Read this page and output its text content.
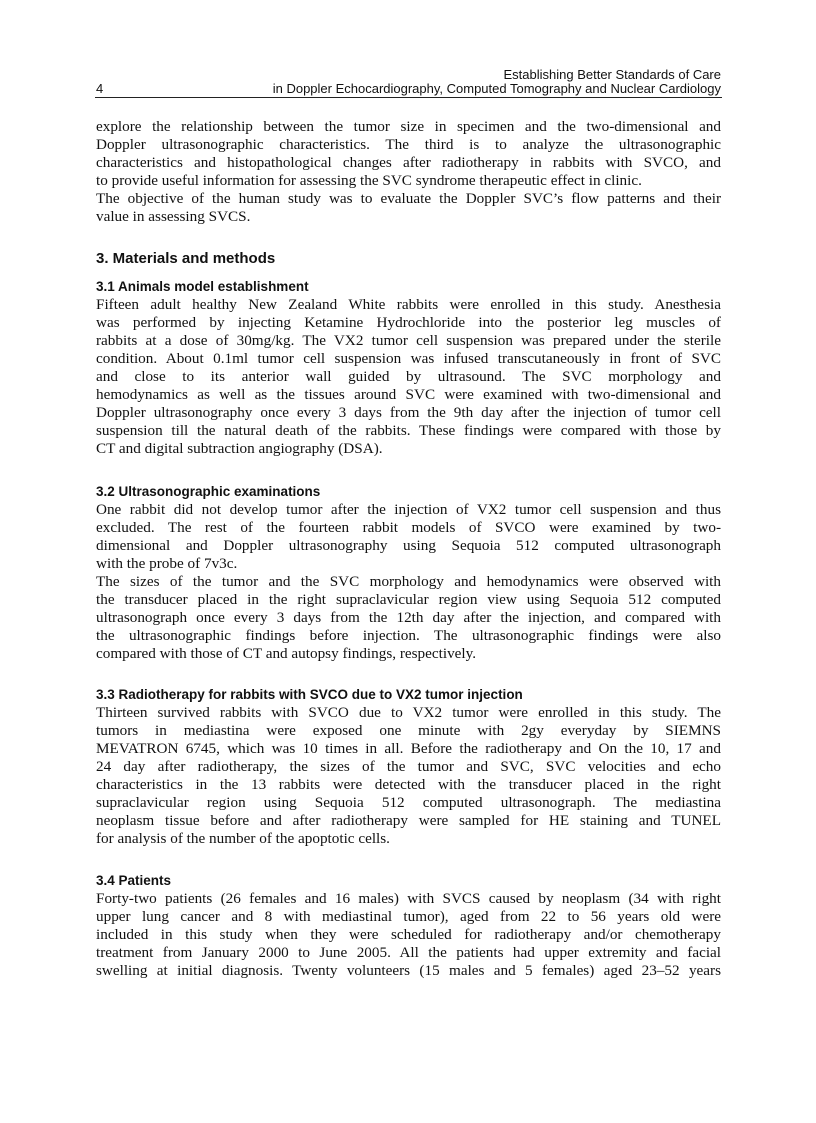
4
Establishing Better Standards of Care
in Doppler Echocardiography, Computed Tomography and Nuclear Cardiology
explore the relationship between the tumor size in specimen and the two-dimensional and
Doppler ultrasonographic characteristics. The third is to analyze the ultrasonographic
characteristics and histopathological changes after radiotherapy in rabbits with SVCO, and
to provide useful information for assessing the SVC syndrome therapeutic effect in clinic.
The objective of the human study was to evaluate the Doppler SVC’s flow patterns and their
value in assessing SVCS.
3. Materials and methods
3.1 Animals model establishment
Fifteen adult healthy New Zealand White rabbits were enrolled in this study. Anesthesia
was performed by injecting Ketamine Hydrochloride into the posterior leg muscles of
rabbits at a dose of 30mg/kg. The VX2 tumor cell suspension was prepared under the sterile
condition. About 0.1ml tumor cell suspension was infused transcutaneously in front of SVC
and close to its anterior wall guided by ultrasound. The SVC morphology and
hemodynamics as well as the tissues around SVC were examined with two-dimensional and
Doppler ultrasonography once every 3 days from the 9th day after the injection of tumor cell
suspension till the natural death of the rabbits. These findings were compared with those by
CT and digital subtraction angiography (DSA).
3.2 Ultrasonographic examinations
One rabbit did not develop tumor after the injection of VX2 tumor cell suspension and thus
excluded. The rest of the fourteen rabbit models of SVCO were examined by two-
dimensional and Doppler ultrasonography using Sequoia 512 computed ultrasonograph
with the probe of 7v3c.
The sizes of the tumor and the SVC morphology and hemodynamics were observed with
the transducer placed in the right supraclavicular region view using Sequoia 512 computed
ultrasonograph once every 3 days from the 12th day after the injection, and compared with
the ultrasonographic findings before injection. The ultrasonographic findings were also
compared with those of CT and autopsy findings, respectively.
3.3 Radiotherapy for rabbits with SVCO due to VX2 tumor injection
Thirteen survived rabbits with SVCO due to VX2 tumor were enrolled in this study. The
tumors in mediastina were exposed one minute with 2gy everyday by SIEMNS
MEVATRON 6745, which was 10 times in all. Before the radiotherapy and On the 10, 17 and
24 day after radiotherapy, the sizes of the tumor and SVC, SVC velocities and echo
characteristics in the 13 rabbits were detected with the transducer placed in the right
supraclavicular region using Sequoia 512 computed ultrasonograph. The mediastina
neoplasm tissue before and after radiotherapy were sampled for HE staining and TUNEL
for analysis of the number of the apoptotic cells.
3.4 Patients
Forty-two patients (26 females and 16 males) with SVCS caused by neoplasm (34 with right
upper lung cancer and 8 with mediastinal tumor), aged from 22 to 56 years old were
included in this study when they were scheduled for radiotherapy and/or chemotherapy
treatment from January 2000 to June 2005. All the patients had upper extremity and facial
swelling at initial diagnosis. Twenty volunteers (15 males and 5 females) aged 23–52 years
